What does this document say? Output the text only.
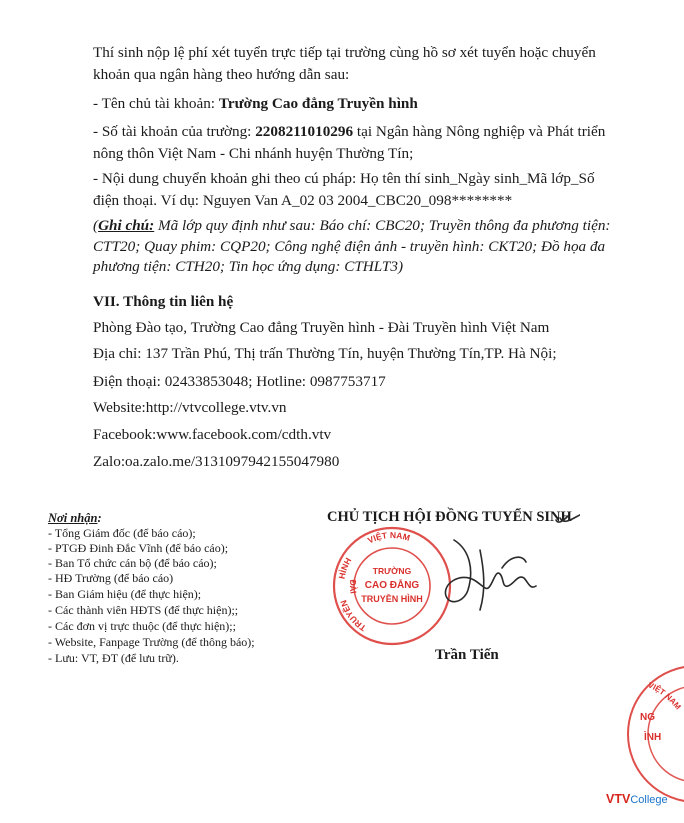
Thí sinh nộp lệ phí xét tuyển trực tiếp tại trường cùng hồ sơ xét tuyển hoặc chuyển khoản qua ngân hàng theo hướng dẫn sau:
- Tên chủ tài khoản: Trường Cao đẳng Truyền hình
- Số tài khoản của trường: 2208211010296 tại Ngân hàng Nông nghiệp và Phát triển nông thôn Việt Nam - Chi nhánh huyện Thường Tín;
- Nội dung chuyển khoản ghi theo cú pháp: Họ tên thí sinh_Ngày sinh_Mã lớp_Số điện thoại. Ví dụ: Nguyen Van A_02 03 2004_CBC20_098********
(Ghi chú: Mã lớp quy định như sau: Báo chí: CBC20; Truyền thông đa phương tiện: CTT20; Quay phim: CQP20; Công nghệ điện ảnh - truyền hình: CKT20; Đồ họa đa phương tiện: CTH20; Tin học ứng dụng: CTHLT3)
VII. Thông tin liên hệ
Phòng Đào tạo, Trường Cao đẳng Truyền hình - Đài Truyền hình Việt Nam
Địa chỉ: 137 Trần Phú, Thị trấn Thường Tín, huyện Thường Tín,TP. Hà Nội;
Điện thoại: 02433853048; Hotline: 0987753717
Website:http://vtvcollege.vtv.vn
Facebook:www.facebook.com/cdth.vtv
Zalo:oa.zalo.me/3131097942155047980
Nơi nhận:
- Tổng Giám đốc (để báo cáo);
- PTGĐ Đinh Đắc Vĩnh (để báo cáo);
- Ban Tổ chức cán bộ (để báo cáo);
- HĐ Trường (để báo cáo)
- Ban Giám hiệu (để thực hiện);
- Các thành viên HĐTS (để thực hiện);;
- Các đơn vị trực thuộc (để thực hiện);;
- Website, Fanpage Trường (để thông báo);
- Lưu: VT, ĐT (để lưu trữ).
CHỦ TỊCH HỘI ĐỒNG TUYỂN SINH
TRUYỀN
HÌNH
VIỆT NAM
ĐÀI
TRƯỜNG
CAO ĐẲNG
TRUYỀN HÌNH
Trần Tiến
NG
ÌNH
VIỆT NAM
VTVCollege
